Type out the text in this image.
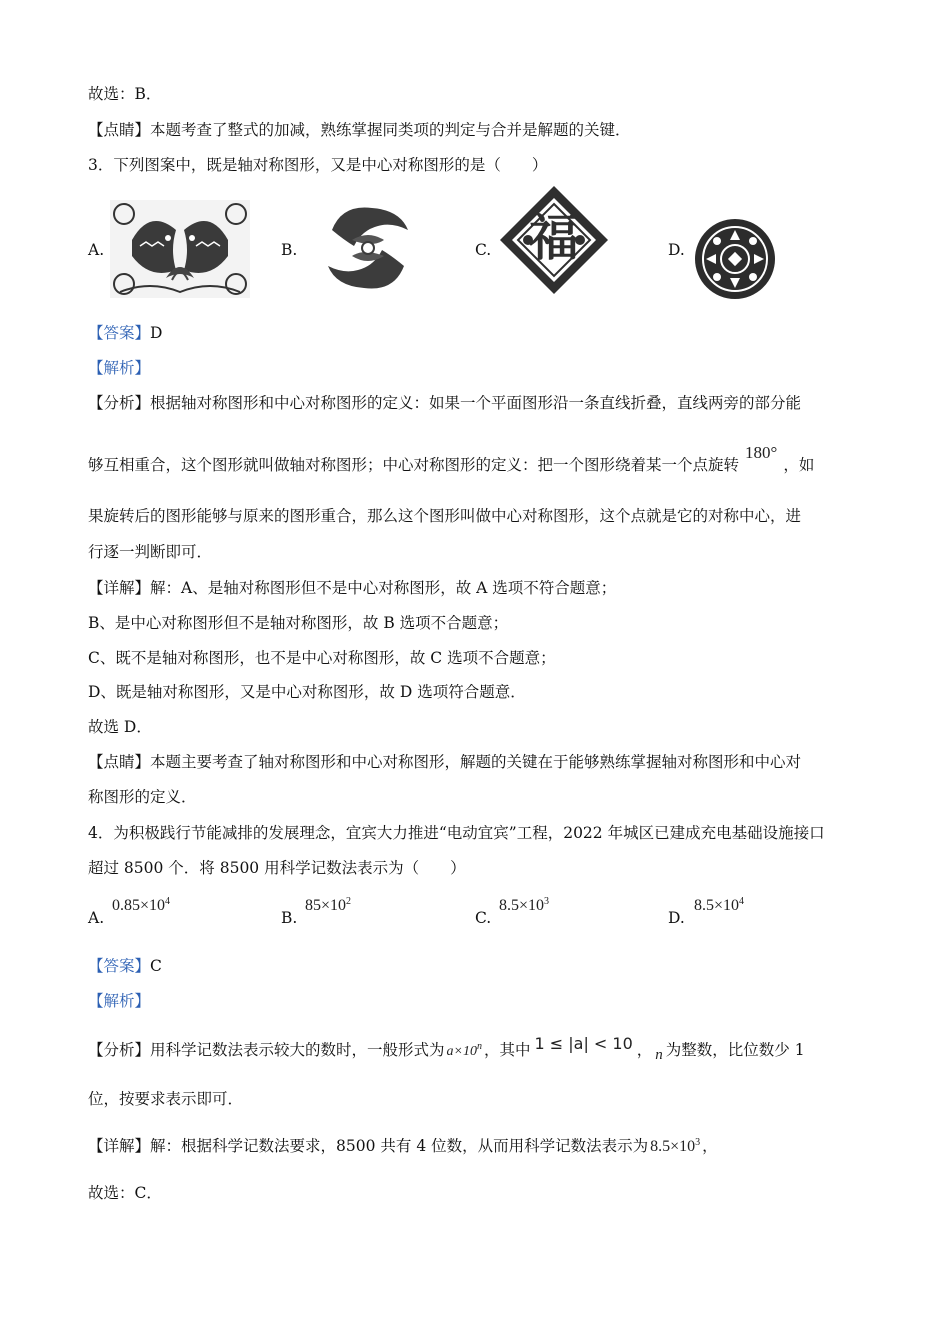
故选：B．
【点睛】本题考查了整式的加减，熟练掌握同类项的判定与合并是解题的关键．
3．下列图案中，既是轴对称图形，又是中心对称图形的是（　　）
A.	B.	C. 福	D.
【答案】D
【解析】
【分析】根据轴对称图形和中心对称图形的定义：如果一个平面图形沿一条直线折叠，直线两旁的部分能
够互相重合，这个图形就叫做轴对称图形；中心对称图形的定义：把一个图形绕着某一个点旋转180°，如
果旋转后的图形能够与原来的图形重合，那么这个图形叫做中心对称图形，这个点就是它的对称中心，进
行逐一判断即可．
【详解】解：A、是轴对称图形但不是中心对称图形，故 A 选项不符合题意；
B、是中心对称图形但不是轴对称图形，故 B 选项不合题意；
C、既不是轴对称图形，也不是中心对称图形，故 C 选项不合题意；
D、既是轴对称图形，又是中心对称图形，故 D 选项符合题意．
故选 D．
【点睛】本题主要考查了轴对称图形和中心对称图形，解题的关键在于能够熟练掌握轴对称图形和中心对
称图形的定义．
4．为积极践行节能减排的发展理念，宜宾大力推进“电动宜宾”工程，2022 年城区已建成充电基础设施接口
超过 8500 个．将 8500 用科学记数法表示为（　　）
A.
$0.85\times 10^4$
B.
$85\times 10^2$
C.
$8.5\times 10^3$
D.
$8.5\times 10^4$
【答案】C
【解析】
【分析】用科学记数法表示较大的数时，一般形式为 $a\times 10^n$ ，其中 1 ≤ |a| < 10 ， n 为整数，比位数少 1
位，按要求表示即可．
【详解】解：根据科学记数法要求，8500 共有 4 位数，从而用科学记数法表示为 $8.5\times 10^3$ ，
故选：C．
